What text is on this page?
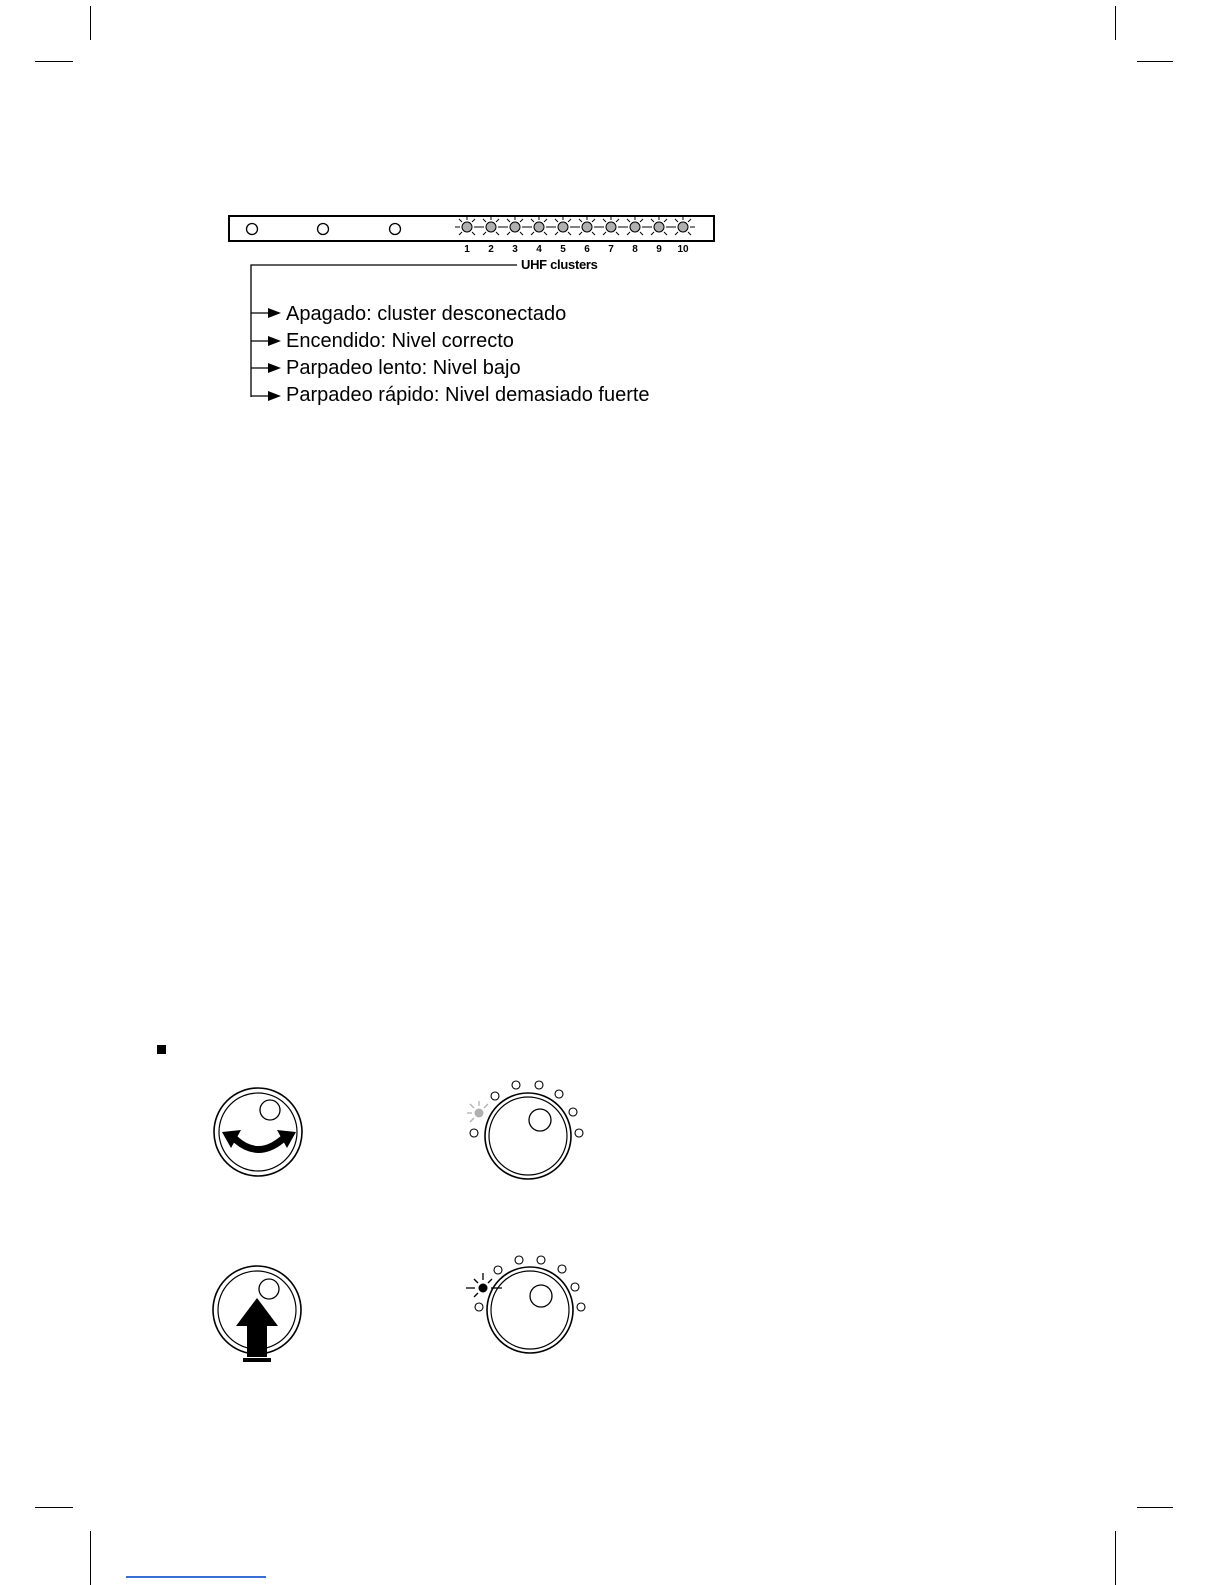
1 2 3 4 5 6 7 8 9 10
UHF clusters
Apagado: cluster desconectado
Encendido: Nivel correcto
Parpadeo lento: Nivel bajo
Parpadeo rápido: Nivel demasiado fuerte
